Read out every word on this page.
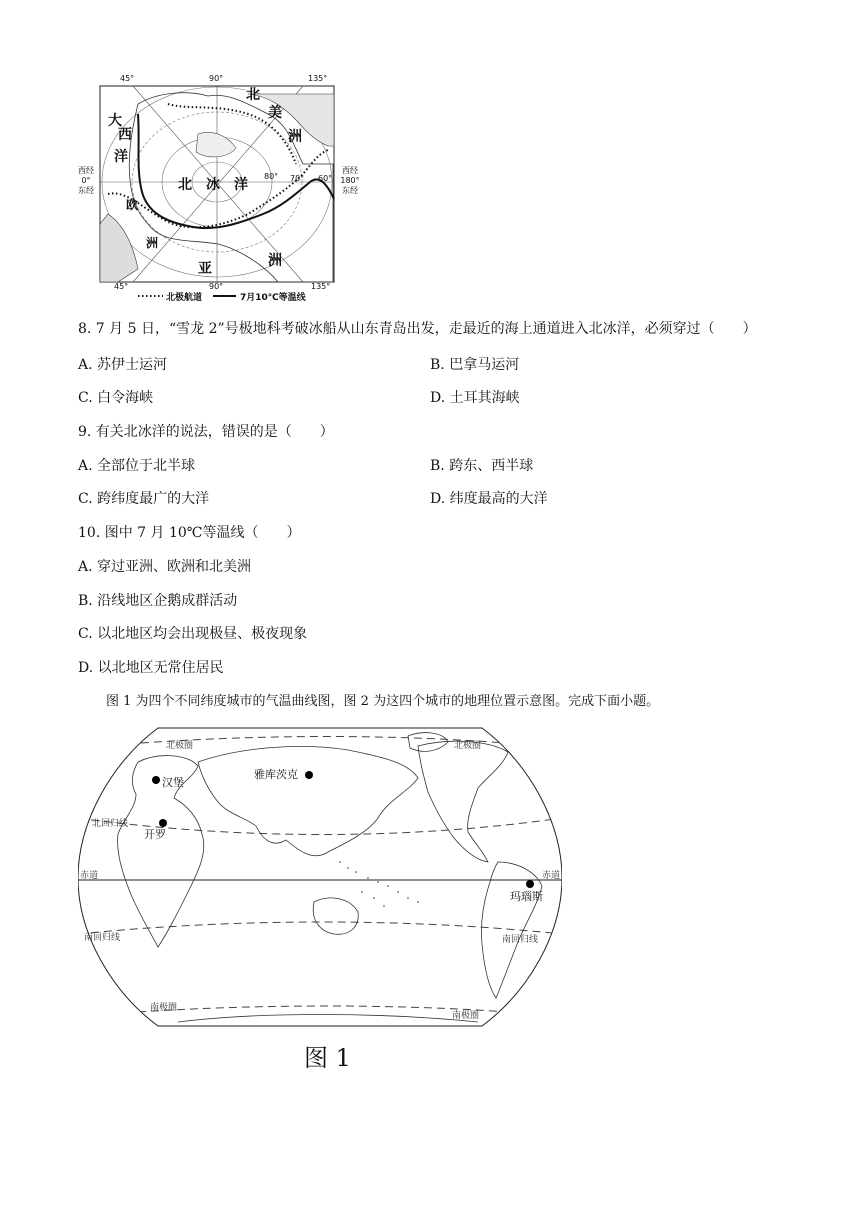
45°	90°	135°
45°	90°	135°
西经
0°
东经
西经
180°
东经
西
大
洋
北
美
洲
北 冰 洋
欧
洲
亚	洲
70° 60°
80°
北极航道	7月10℃等温线
8. 7 月 5 日，“雪龙 2”号极地科考破冰船从山东青岛出发，走最近的海上通道进入北冰洋，必须穿过（　　）
A. 苏伊士运河	B. 巴拿马运河
C. 白令海峡	D. 土耳其海峡
9. 有关北冰洋的说法，错误的是（　　）
A. 全部位于北半球	B. 跨东、西半球
C. 跨纬度最广的大洋	D. 纬度最高的大洋
10. 图中 7 月 10℃等温线（　　）
A. 穿过亚洲、欧洲和北美洲
B. 沿线地区企鹅成群活动
C. 以北地区均会出现极昼、极夜现象
D. 以北地区无常住居民
图 1 为四个不同纬度城市的气温曲线图，图 2 为这四个城市的地理位置示意图。完成下面小题。
北极圈	北极圈
北回归线
赤道	赤道
南回归线	南回归线
南极圈
南极圈
汉堡
开罗
雅库茨克
玛瑙斯
图 1
